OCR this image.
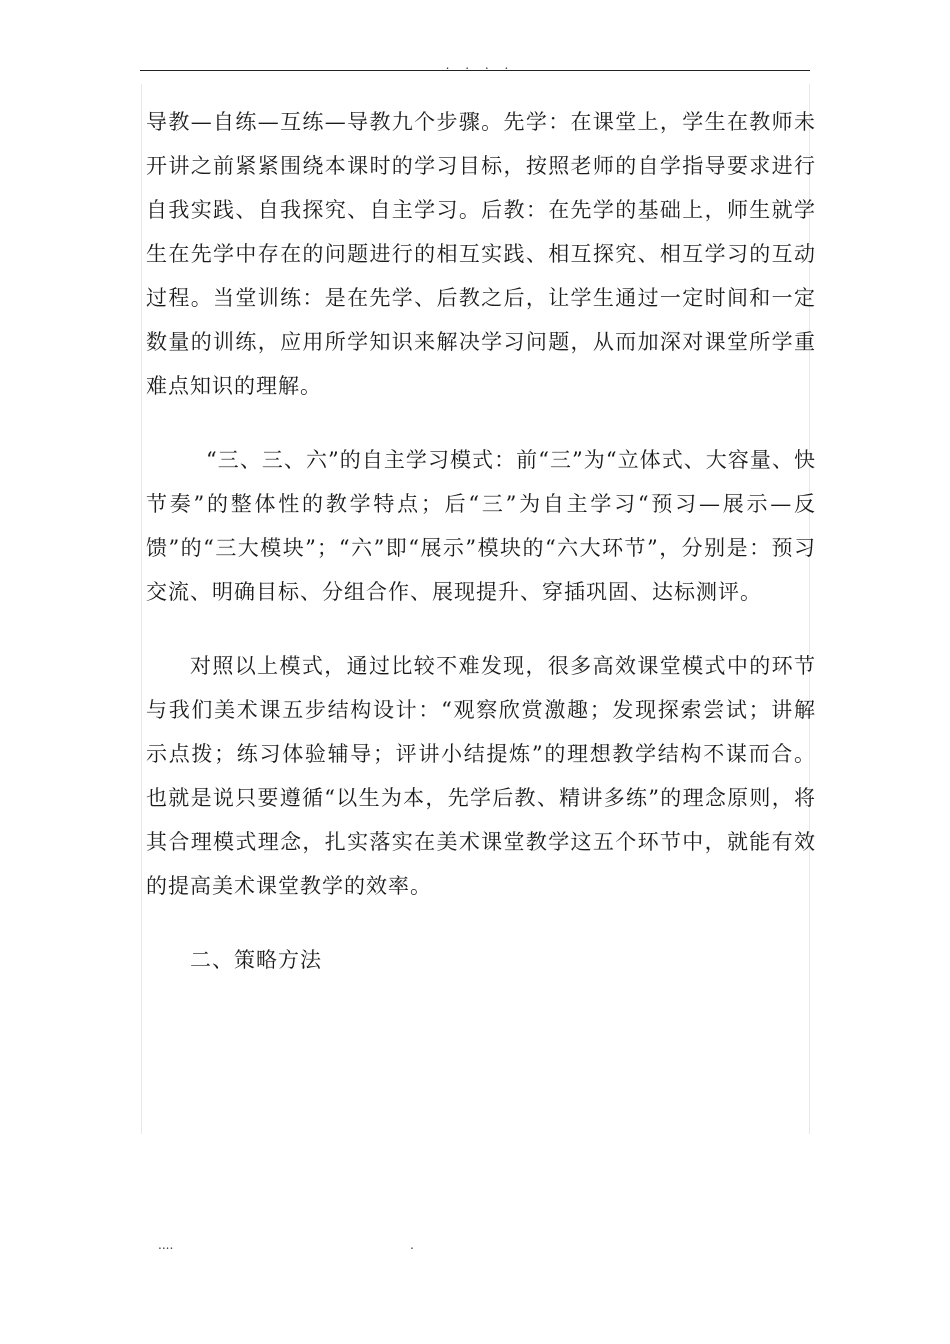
. . . .

导教—自练—互练—导教九个步骤。先学：在课堂上，学生在教师未开讲之前紧紧围绕本课时的学习目标，按照老师的自学指导要求进行自我实践、自我探究、自主学习。后教：在先学的基础上，师生就学生在先学中存在的问题进行的相互实践、相互探究、相互学习的互动过程。当堂训练：是在先学、后教之后，让学生通过一定时间和一定数量的训练，应用所学知识来解决学习问题，从而加深对课堂所学重难点知识的理解。

“三、三、六”的自主学习模式：前“三”为“立体式、大容量、快节奏”的整体性的教学特点；后“三”为自主学习“预习—展示—反馈”的“三大模块”；“六”即“展示”模块的“六大环节”，分别是：预习交流、明确目标、分组合作、展现提升、穿插巩固、达标测评。

对照以上模式，通过比较不难发现，很多高效课堂模式中的环节与我们美术课五步结构设计：“观察欣赏激趣；发现探索尝试；讲解示点拨；练习体验辅导；评讲小结提炼”的理想教学结构不谋而合。也就是说只要遵循“以生为本，先学后教、精讲多练”的理念原则，将其合理模式理念，扎实落实在美术课堂教学这五个环节中，就能有效的提高美术课堂教学的效率。

二、策略方法

....	.
